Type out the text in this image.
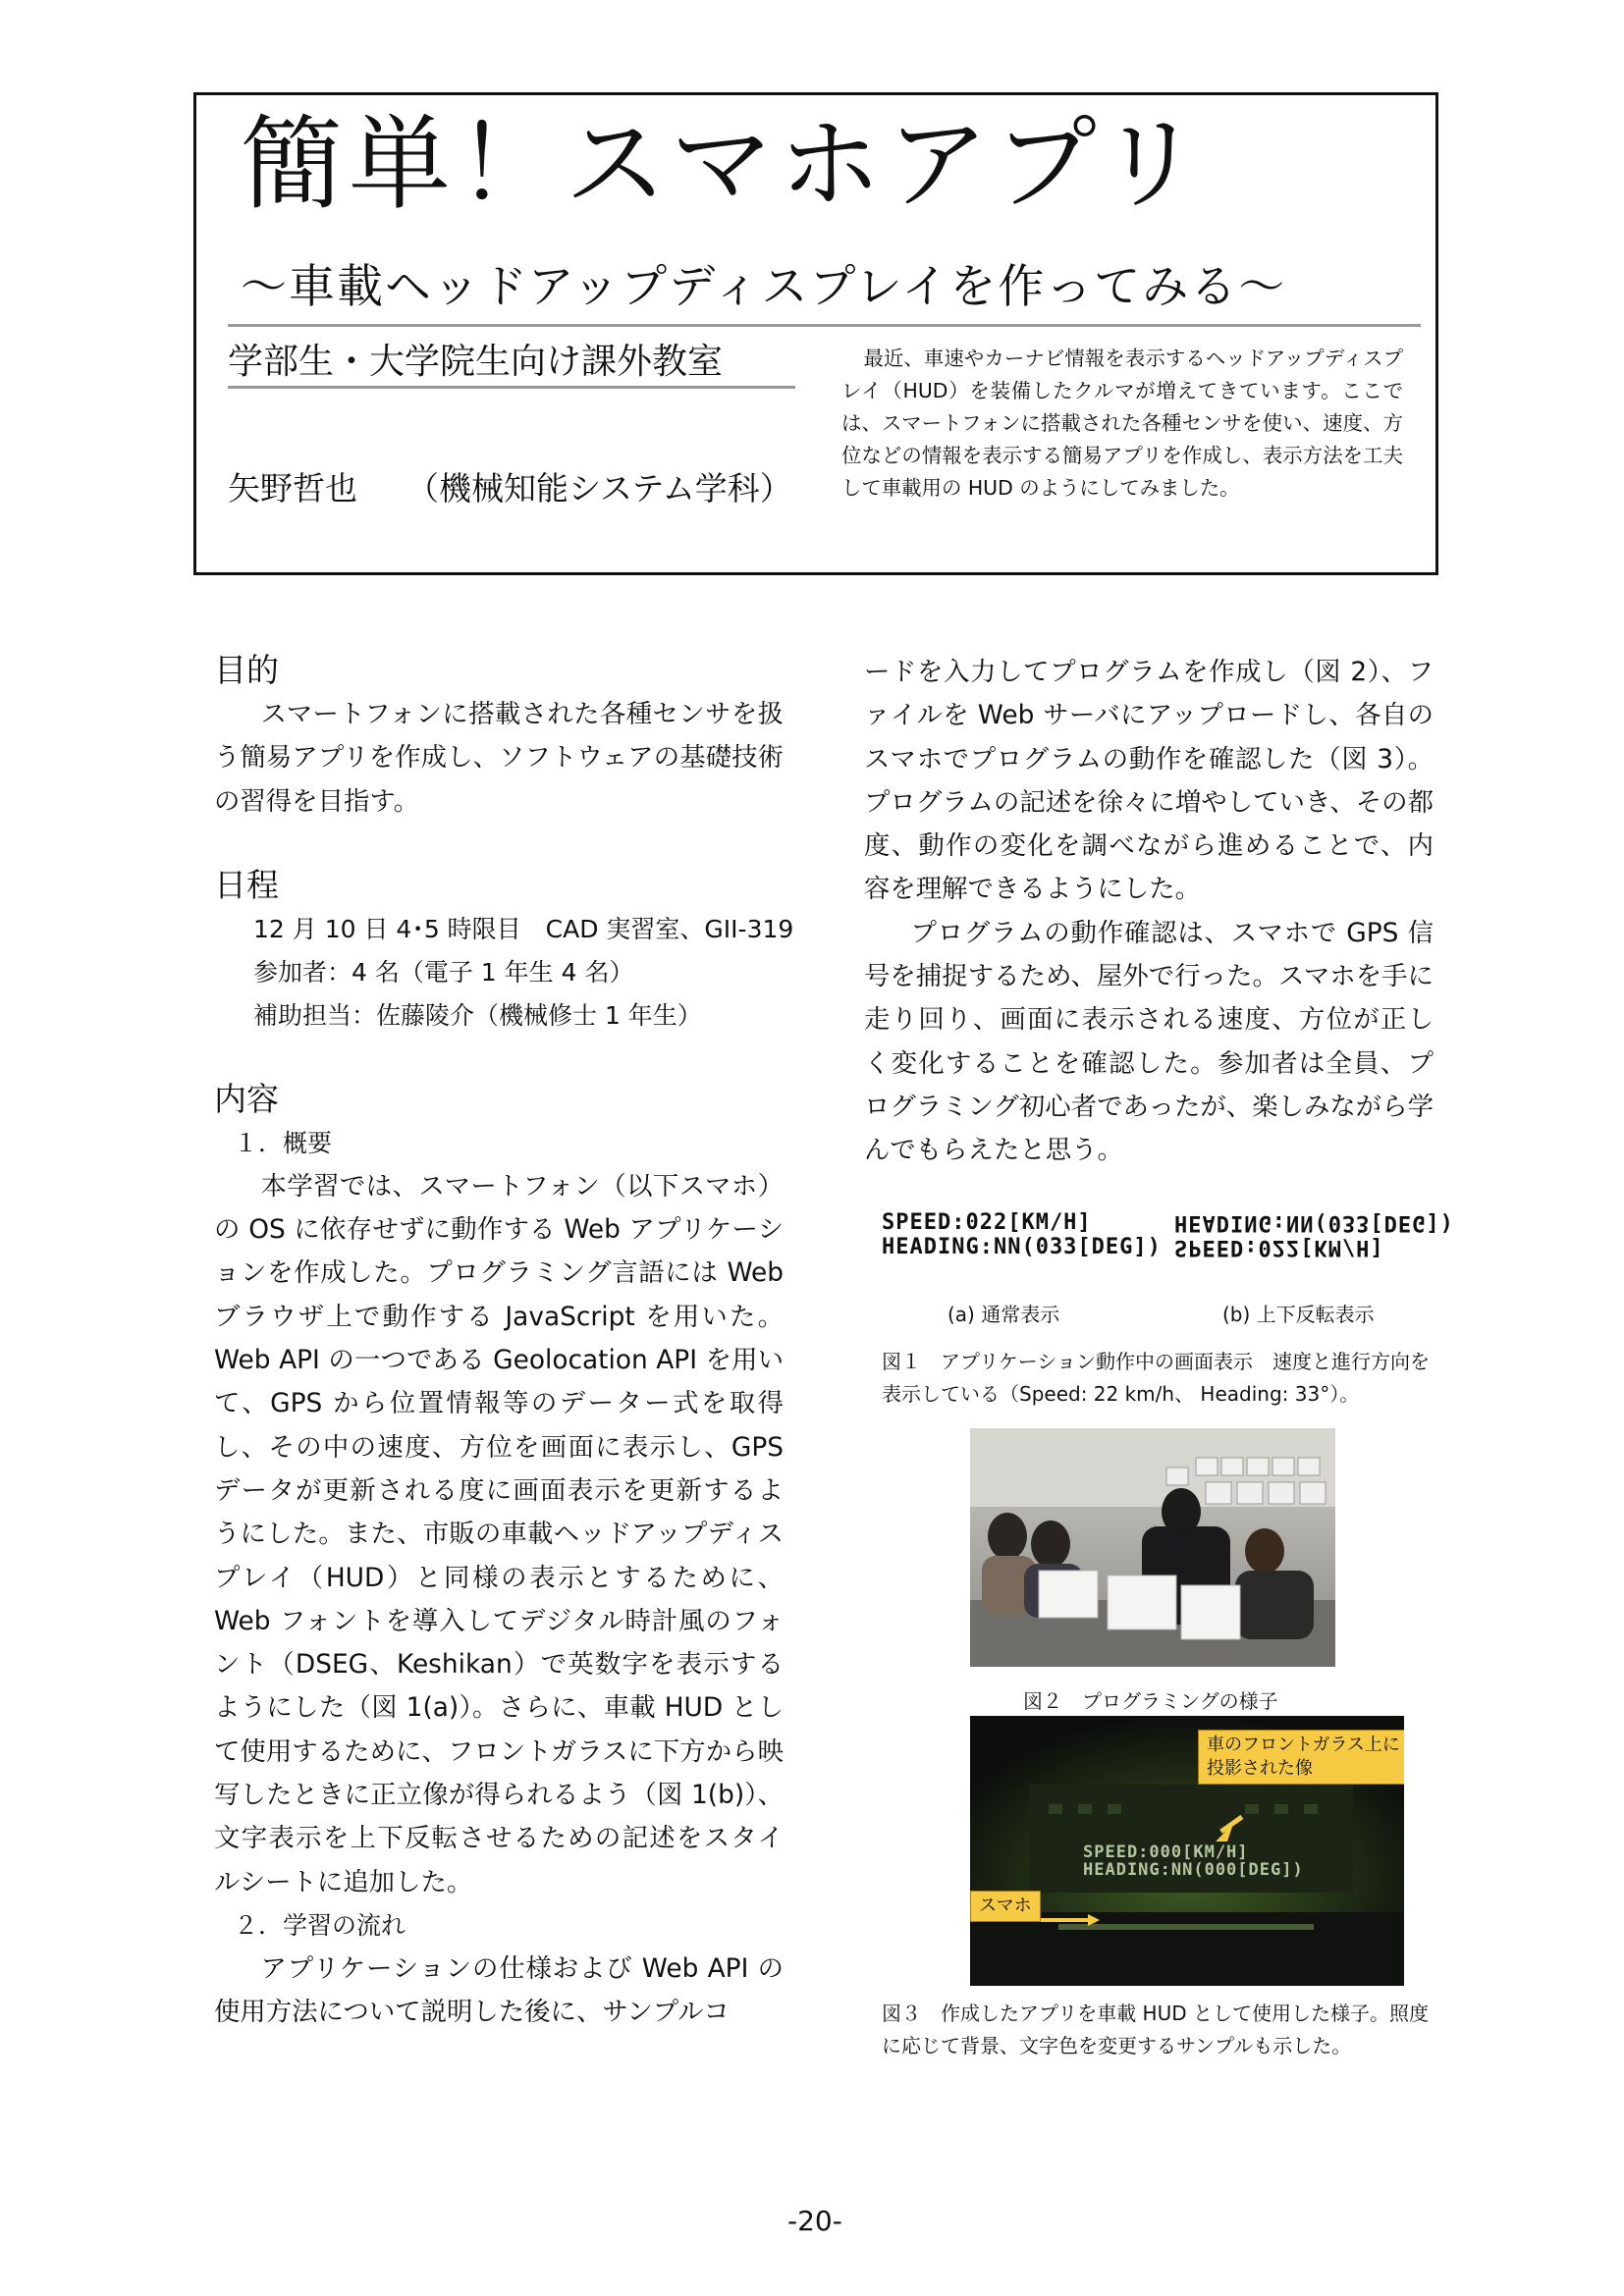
簡単！スマホアプリ
〜車載ヘッドアップディスプレイを作ってみる〜
学部生・大学院生向け課外教室
矢野哲也 （機械知能システム学科）
最近、車速やカーナビ情報を表示するヘッドアップディスプレイ（HUD）を装備したクルマが増えてきています。ここでは、スマートフォンに搭載された各種センサを使い、速度、方位などの情報を表示する簡易アプリを作成し、表示方法を工夫して車載用の HUD のようにしてみました。
目的

スマートフォンに搭載された各種センサを扱う簡易アプリを作成し、ソフトウェアの基礎技術の習得を目指す。

日程

12 月 10 日 4･5 時限目　CAD 実習室、GII-319

参加者：4 名（電子 1 年生 4 名）

補助担当：佐藤陵介（機械修士 1 年生）

内容

１．概要

本学習では、スマートフォン（以下スマホ）の OS に依存せずに動作する Web アプリケーションを作成した。プログラミング言語には Web ブラウザ上で動作する JavaScript を用いた。Web API の一つである Geolocation API を用いて、GPS から位置情報等のデーター式を取得し、その中の速度、方位を画面に表示し、GPS データが更新される度に画面表示を更新するようにした。また、市販の車載ヘッドアップディスプレイ（HUD）と同様の表示とするために、Web フォントを導入してデジタル時計風のフォント（DSEG、Keshikan）で英数字を表示するようにした（図 1(a)）。さらに、車載 HUD として使用するために、フロントガラスに下方から映写したときに正立像が得られるよう（図 1(b)）、文字表示を上下反転させるための記述をスタイルシートに追加した。

２．学習の流れ

アプリケーションの仕様および Web API の使用方法について説明した後に、サンプルコ

ードを入力してプログラムを作成し（図 2）、ファイルを Web サーバにアップロードし、各自のスマホでプログラムの動作を確認した（図 3）。プログラムの記述を徐々に増やしていき、その都度、動作の変化を調べながら進めることで、内容を理解できるようにした。

プログラムの動作確認は、スマホで GPS 信号を捕捉するため、屋外で行った。スマホを手に走り回り、画面に表示される速度、方位が正しく変化することを確認した。参加者は全員、プログラミング初心者であったが、楽しみながら学んでもらえたと思う。

SPEED:022[KM/H]
HEADING:NN(033[DEG]) SPEED:022[KM/H]
HEADING:NN(033[DEG])
(a) 通常表示	(b) 上下反転表示
図１　アプリケーション動作中の画面表示　速度と進行方向を表示している（Speed: 22 km/h、 Heading: 33°）。
図２　プログラミングの様子
SPEED:000[KM/H]
HEADING:NN(000[DEG])
車のフロントガラス上に投影された像
スマホ
図３　作成したアプリを車載 HUD として使用した様子。照度に応じて背景、文字色を変更するサンプルも示した。
-20-
